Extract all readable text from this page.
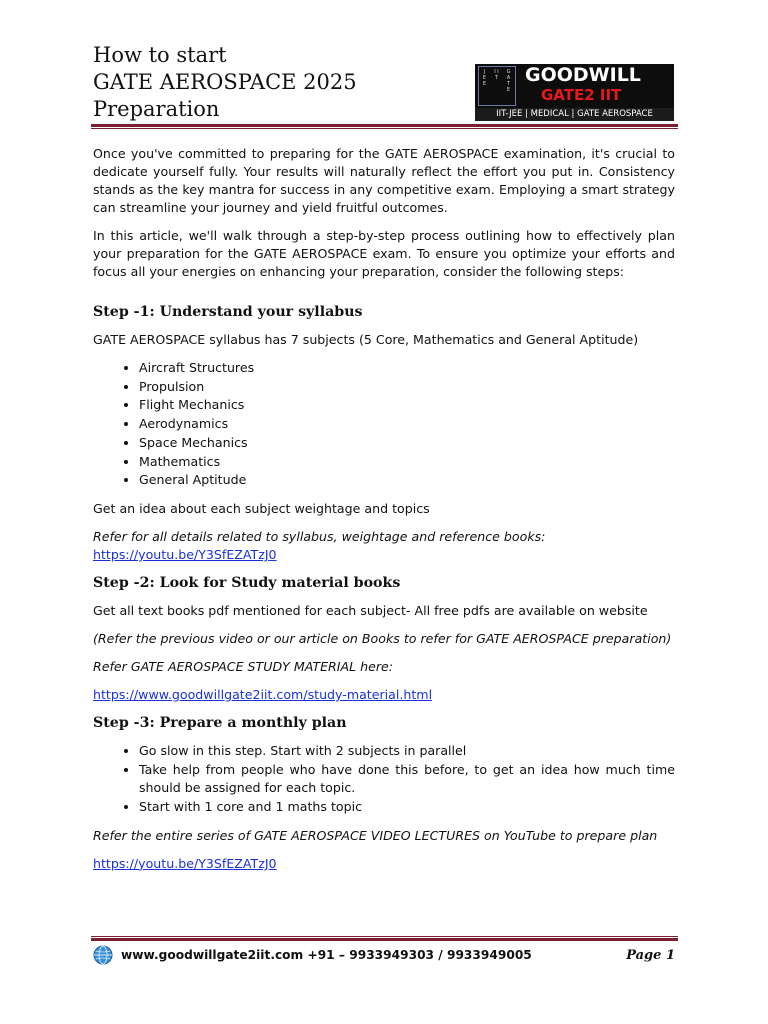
How to start
GATE AEROSPACE 2025
Preparation
J E E
I I T
G A T E
GOODWILL
GATE2 IIT
IIT-JEE | MEDICAL | GATE AEROSPACE

Once you've committed to preparing for the GATE AEROSPACE examination, it's crucial to dedicate yourself fully. Your results will naturally reflect the effort you put in. Consistency stands as the key mantra for success in any competitive exam. Employing a smart strategy can streamline your journey and yield fruitful outcomes.

In this article, we'll walk through a step-by-step process outlining how to effectively plan your preparation for the GATE AEROSPACE exam. To ensure you optimize your efforts and focus all your energies on enhancing your preparation, consider the following steps:

Step -1: Understand your syllabus

GATE AEROSPACE syllabus has 7 subjects (5 Core, Mathematics and General Aptitude)

• Aircraft Structures
• Propulsion
• Flight Mechanics
• Aerodynamics
• Space Mechanics
• Mathematics
• General Aptitude

Get an idea about each subject weightage and topics

Refer for all details related to syllabus, weightage and reference books:

https://youtu.be/Y3SfEZATzJ0

Step -2: Look for Study material books

Get all text books pdf mentioned for each subject- All free pdfs are available on website

(Refer the previous video or our article on Books to refer for GATE AEROSPACE preparation)

Refer GATE AEROSPACE STUDY MATERIAL here:

https://www.goodwillgate2iit.com/study-material.html

Step -3: Prepare a monthly plan
• Go slow in this step. Start with 2 subjects in parallel
• Take help from people who have done this before, to get an idea how much time should be assigned for each topic.
• Start with 1 core and 1 maths topic

Refer the entire series of GATE AEROSPACE VIDEO LECTURES on YouTube to prepare plan

https://youtu.be/Y3SfEZATzJ0

www.goodwillgate2iit.com +91 – 9933949303 / 9933949005	Page 1
